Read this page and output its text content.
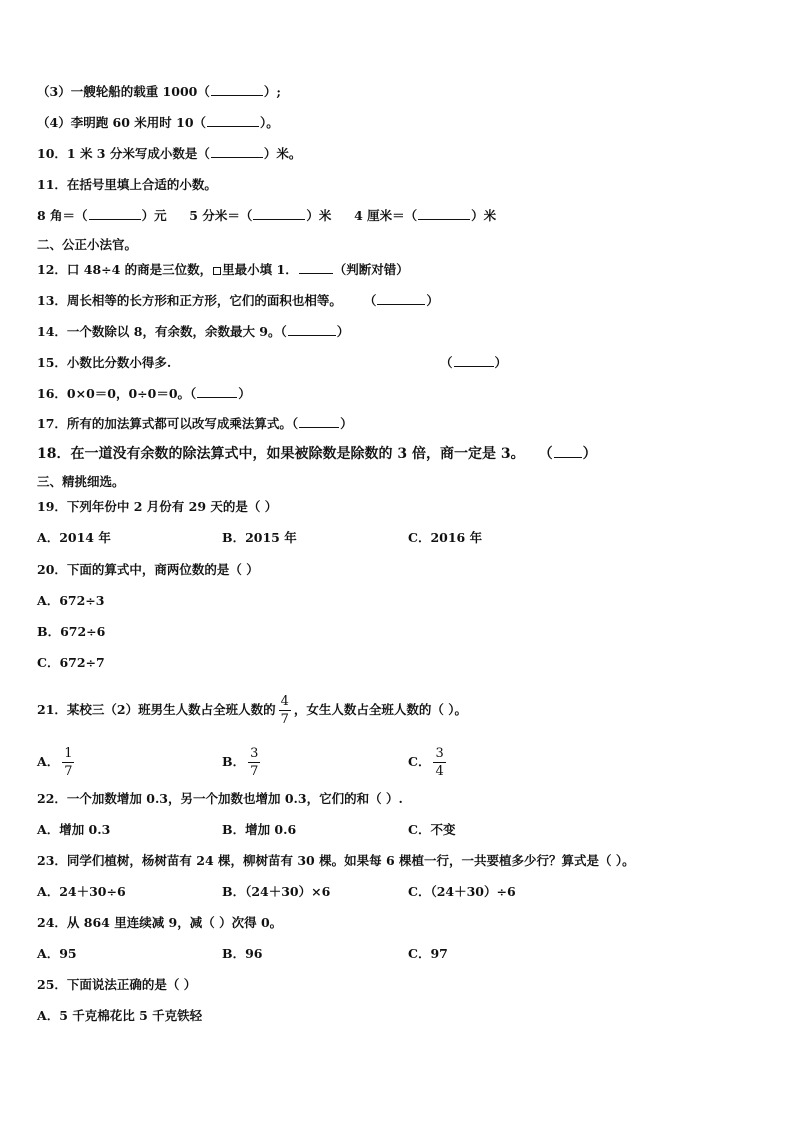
（3）一艘轮船的载重 1000（	）;
（4）李明跑 60 米用时 10（	）。
10．1 米 3 分米写成小数是（	）米。
11．在括号里填上合适的小数。
8 角＝（	）元 5 分米＝（	）米 4 厘米＝（	）米
二、公正小法官。
12．口 48÷4 的商是三位数， 里最小填 1．	（判断对错）
13．周长相等的长方形和正方形，它们的面积也相等。 （	）
14．一个数除以 8，有余数，余数最大 9。（	）
15．小数比分数小得多.	（	）
16．0×0＝0，0÷0＝0。（	）
17．所有的加法算式都可以改写成乘法算式。（	）
18．在一道没有余数的除法算式中，如果被除数是除数的 3 倍，商一定是 3。 （ ）
三、精挑细选。
19．下列年份中 2 月份有 29 天的是（ ）
A．2014 年	B．2015 年	C．2016 年
20．下面的算式中，商两位数的是（ ）
A．672÷3
B．672÷6
C．672÷7
21．某校三（2）班男生人数占全班人数的 $\frac{4}{7}$ ，女生人数占全班人数的（ ）。
A． $\frac{1}{7}$	B． $\frac{3}{7}$	C． $\frac{3}{4}$
22．一个加数增加 0.3，另一个加数也增加 0.3，它们的和（ ）.
A．增加 0.3	B．增加 0.6	C．不变
23．同学们植树，杨树苗有 24 棵，柳树苗有 30 棵。如果每 6 棵植一行，一共要植多少行？算式是（ ）。
A．24＋30÷6	B．（24＋30）×6	C．（24＋30）÷6
24．从 864 里连续减 9，减（ ）次得 0。
A．95	B．96	C．97
25．下面说法正确的是（ ）
A．5 千克棉花比 5 千克铁轻
